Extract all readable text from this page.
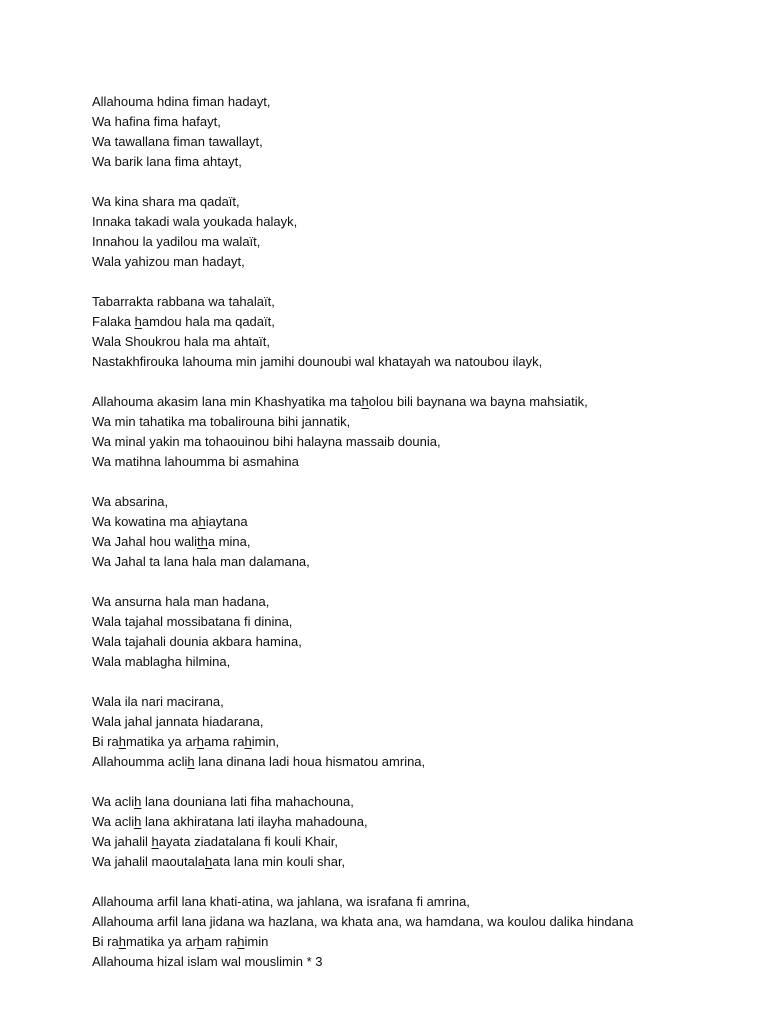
Allahouma hdina fiman hadayt,
Wa hafina fima hafayt,
Wa tawallana fiman tawallayt,
Wa barik lana fima ahtayt,
Wa kina shara ma qadaït,
Innaka takadi wala youkada halayk,
Innahou la yadilou ma walaït,
Wala yahizou man hadayt,
Tabarrakta rabbana wa tahalaït,
Falaka hamdou hala ma qadaït,
Wala Shoukrou hala ma ahtaït,
Nastakhfirouka lahouma min jamihi dounoubi wal khatayah wa natoubou ilayk,
Allahouma akasim lana min Khashyatika ma taholou bili baynana wa bayna mahsiatik,
Wa min tahatika ma tobalirouna bihi jannatik,
Wa minal yakin ma tohaouinou bihi halayna massaib dounia,
Wa matihna lahoumma bi asmahina
Wa absarina,
Wa kowatina ma ahiaytana
Wa Jahal hou walitha mina,
Wa Jahal ta lana hala man dalamana,
Wa ansurna hala man hadana,
Wala tajahal mossibatana fi dinina,
Wala tajahali dounia akbara hamina,
Wala mablagha hilmina,
Wala ila nari macirana,
Wala jahal jannata hiadarana,
Bi rahmatika ya arhama rahimin,
Allahoumma aclih lana dinana ladi houa hismatou amrina,
Wa aclih lana douniana lati fiha mahachouna,
Wa aclih lana akhiratana lati ilayha mahadouna,
Wa jahalil hayata ziadatalana fi kouli Khair,
Wa jahalil maoutalahata lana min kouli shar,
Allahouma arfil lana khati-atina, wa jahlana, wa israfana fi amrina,
Allahouma arfil lana jidana wa hazlana, wa khata ana, wa hamdana, wa koulou dalika hindana
Bi rahmatika ya arham rahimin
Allahouma hizal islam wal mouslimin * 3
